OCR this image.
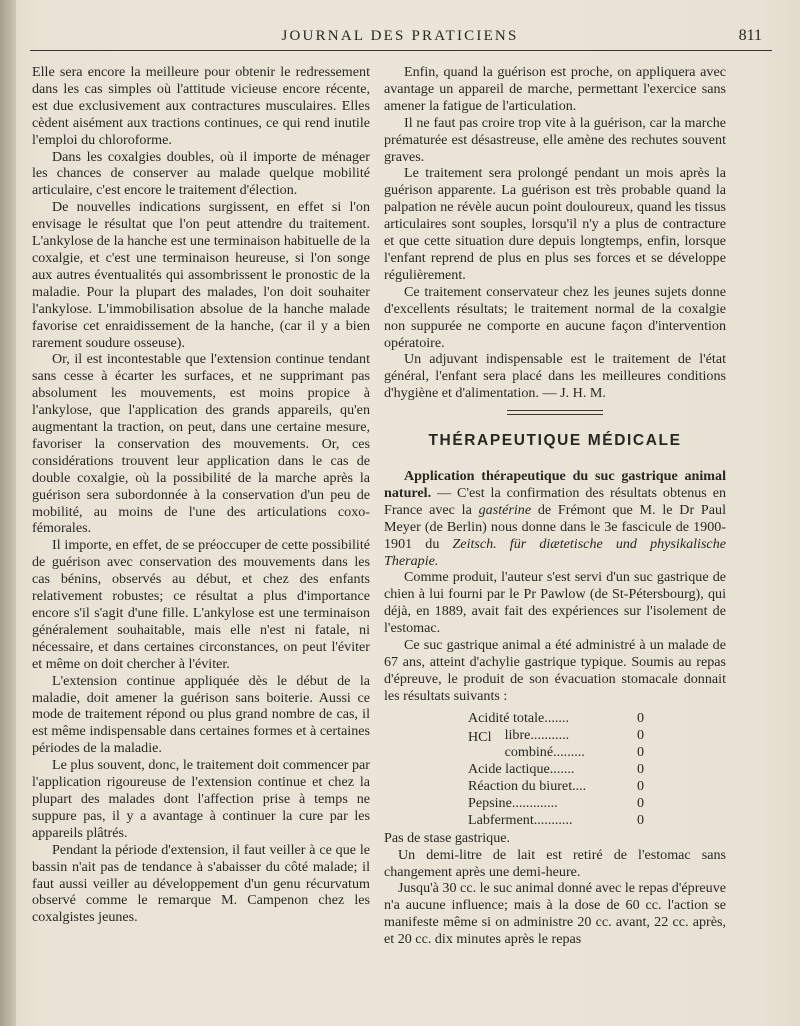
JOURNAL DES PRATICIENS	811

Elle sera encore la meilleure pour obtenir le redressement dans les cas simples où l'attitude vicieuse encore récente, est due exclusivement aux contractures musculaires. Elles cèdent aisément aux tractions continues, ce qui rend inutile l'emploi du chloroforme.

Dans les coxalgies doubles, où il importe de ménager les chances de conserver au malade quelque mobilité articulaire, c'est encore le traitement d'élection.

De nouvelles indications surgissent, en effet si l'on envisage le résultat que l'on peut attendre du traitement. L'ankylose de la hanche est une terminaison habituelle de la coxalgie, et c'est une terminaison heureuse, si l'on songe aux autres éventualités qui assombrissent le pronostic de la maladie. Pour la plupart des malades, l'on doit souhaiter l'ankylose. L'immobilisation absolue de la hanche malade favorise cet enraidissement de la hanche, (car il y a bien rarement soudure osseuse).

Or, il est incontestable que l'extension continue tendant sans cesse à écarter les surfaces, et ne supprimant pas absolument les mouvements, est moins propice à l'ankylose, que l'application des grands appareils, qu'en augmentant la traction, on peut, dans une certaine mesure, favoriser la conservation des mouvements. Or, ces considérations trouvent leur application dans le cas de double coxalgie, où la possibilité de la marche après la guérison sera subordonnée à la conservation d'un peu de mobilité, au moins de l'une des articulations coxo-fémorales.

Il importe, en effet, de se préoccuper de cette possibilité de guérison avec conservation des mouvements dans les cas bénins, observés au début, et chez des enfants relativement robustes; ce résultat a plus d'importance encore s'il s'agit d'une fille. L'ankylose est une terminaison généralement souhaitable, mais elle n'est ni fatale, ni nécessaire, et dans certaines circonstances, on peut l'éviter et même on doit chercher à l'éviter.

L'extension continue appliquée dès le début de la maladie, doit amener la guérison sans boiterie. Aussi ce mode de traitement répond ou plus grand nombre de cas, il est même indispensable dans certaines formes et à certaines périodes de la maladie.

Le plus souvent, donc, le traitement doit commencer par l'application rigoureuse de l'extension continue et chez la plupart des malades dont l'affection prise à temps ne suppure pas, il y a avantage à continuer la cure par les appareils plâtrés.

Pendant la période d'extension, il faut veiller à ce que le bassin n'ait pas de tendance à s'abaisser du côté malade; il faut aussi veiller au développement d'un genu récurvatum observé comme le remarque M. Campenon chez les coxalgistes jeunes.

Enfin, quand la guérison est proche, on appliquera avec avantage un appareil de marche, permettant l'exercice sans amener la fatigue de l'articulation.

Il ne faut pas croire trop vite à la guérison, car la marche prématurée est désastreuse, elle amène des rechutes souvent graves.

Le traitement sera prolongé pendant un mois après la guérison apparente. La guérison est très probable quand la palpation ne révèle aucun point douloureux, quand les tissus articulaires sont souples, lorsqu'il n'y a plus de contracture et que cette situation dure depuis longtemps, enfin, lorsque l'enfant reprend de plus en plus ses forces et se développe régulièrement.

Ce traitement conservateur chez les jeunes sujets donne d'excellents résultats; le traitement normal de la coxalgie non suppurée ne comporte en aucune façon d'intervention opératoire.

Un adjuvant indispensable est le traitement de l'état général, l'enfant sera placé dans les meilleures conditions d'hygiène et d'alimentation. — J. H. M.

THÉRAPEUTIQUE MÉDICALE

Application thérapeutique du suc gastrique animal naturel. — C'est la confirmation des résultats obtenus en France avec la gastérine de Frémont que M. le Dr Paul Meyer (de Berlin) nous donne dans le 3e fascicule de 1900-1901 du Zeitsch. für diætetische und physikalische Therapie.

Comme produit, l'auteur s'est servi d'un suc gastrique de chien à lui fourni par le Pr Pawlow (de St-Pétersbourg), qui déjà, en 1889, avait fait des expériences sur l'isolement de l'estomac.

Ce suc gastrique animal a été administré à un malade de 67 ans, atteint d'achylie gastrique typique. Soumis au repas d'épreuve, le produit de son évacuation stomacale donnait les résultats suivants :

Acidité totale.......	0
HCl libre...........	0
combiné.........	0
Acide lactique.......	0
Réaction du biuret....	0
Pepsine.............	0
Labferment...........	0

Pas de stase gastrique.

Un demi-litre de lait est retiré de l'estomac sans changement après une demi-heure.

Jusqu'à 30 cc. le suc animal donné avec le repas d'épreuve n'a aucune influence; mais à la dose de 60 cc. l'action se manifeste même si on administre 20 cc. avant, 22 cc. après, et 20 cc. dix minutes après le repas
